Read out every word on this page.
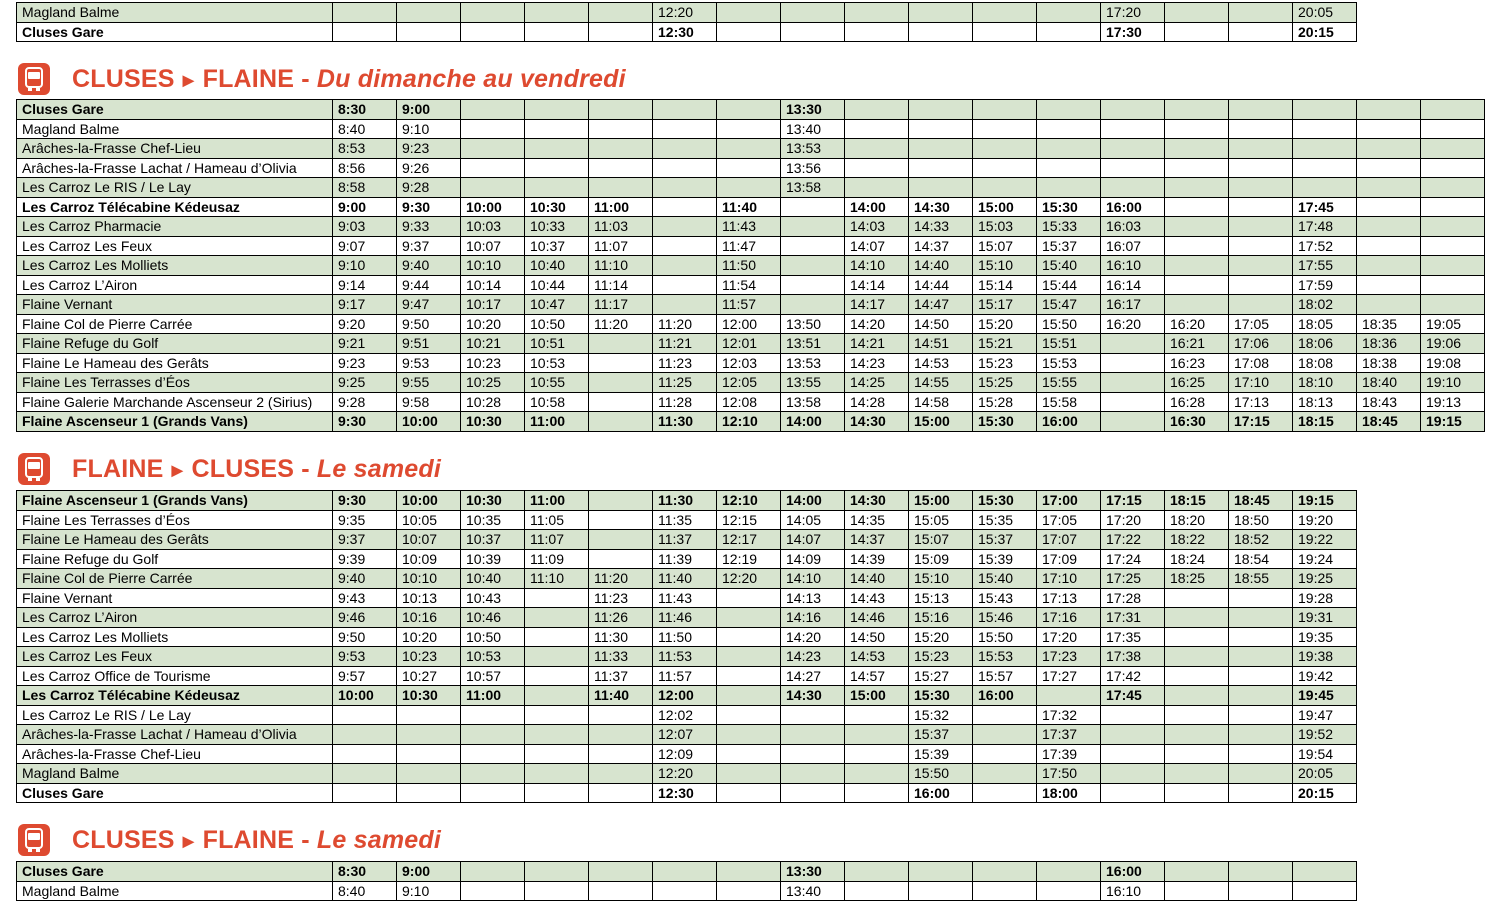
Magland Balme						12:20							17:20			20:05
Cluses Gare						12:30							17:30			20:15
CLUSES ► FLAINE - Du dimanche au vendredi
Cluses Gare	8:30	9:00						13:30										
Magland Balme	8:40	9:10						13:40										
Arâches-la-Frasse Chef-Lieu	8:53	9:23						13:53										
Arâches-la-Frasse Lachat / Hameau d’Olivia	8:56	9:26						13:56										
Les Carroz Le RIS / Le Lay	8:58	9:28						13:58										
Les Carroz Télécabine Kédeusaz	9:00	9:30	10:00	10:30	11:00		11:40		14:00	14:30	15:00	15:30	16:00			17:45		
Les Carroz Pharmacie	9:03	9:33	10:03	10:33	11:03		11:43		14:03	14:33	15:03	15:33	16:03			17:48		
Les Carroz Les Feux	9:07	9:37	10:07	10:37	11:07		11:47		14:07	14:37	15:07	15:37	16:07			17:52		
Les Carroz Les Molliets	9:10	9:40	10:10	10:40	11:10		11:50		14:10	14:40	15:10	15:40	16:10			17:55		
Les Carroz L’Airon	9:14	9:44	10:14	10:44	11:14		11:54		14:14	14:44	15:14	15:44	16:14			17:59		
Flaine Vernant	9:17	9:47	10:17	10:47	11:17		11:57		14:17	14:47	15:17	15:47	16:17			18:02		
Flaine Col de Pierre Carrée	9:20	9:50	10:20	10:50	11:20	11:20	12:00	13:50	14:20	14:50	15:20	15:50	16:20	16:20	17:05	18:05	18:35	19:05
Flaine Refuge du Golf	9:21	9:51	10:21	10:51		11:21	12:01	13:51	14:21	14:51	15:21	15:51		16:21	17:06	18:06	18:36	19:06
Flaine Le Hameau des Gerâts	9:23	9:53	10:23	10:53		11:23	12:03	13:53	14:23	14:53	15:23	15:53		16:23	17:08	18:08	18:38	19:08
Flaine Les Terrasses d’Éos	9:25	9:55	10:25	10:55		11:25	12:05	13:55	14:25	14:55	15:25	15:55		16:25	17:10	18:10	18:40	19:10
Flaine Galerie Marchande Ascenseur 2 (Sirius)	9:28	9:58	10:28	10:58		11:28	12:08	13:58	14:28	14:58	15:28	15:58		16:28	17:13	18:13	18:43	19:13
Flaine Ascenseur 1 (Grands Vans)	9:30	10:00	10:30	11:00		11:30	12:10	14:00	14:30	15:00	15:30	16:00		16:30	17:15	18:15	18:45	19:15
FLAINE ► CLUSES - Le samedi
Flaine Ascenseur 1 (Grands Vans)	9:30	10:00	10:30	11:00		11:30	12:10	14:00	14:30	15:00	15:30	17:00	17:15	18:15	18:45	19:15
Flaine Les Terrasses d’Éos	9:35	10:05	10:35	11:05		11:35	12:15	14:05	14:35	15:05	15:35	17:05	17:20	18:20	18:50	19:20
Flaine Le Hameau des Gerâts	9:37	10:07	10:37	11:07		11:37	12:17	14:07	14:37	15:07	15:37	17:07	17:22	18:22	18:52	19:22
Flaine Refuge du Golf	9:39	10:09	10:39	11:09		11:39	12:19	14:09	14:39	15:09	15:39	17:09	17:24	18:24	18:54	19:24
Flaine Col de Pierre Carrée	9:40	10:10	10:40	11:10	11:20	11:40	12:20	14:10	14:40	15:10	15:40	17:10	17:25	18:25	18:55	19:25
Flaine Vernant	9:43	10:13	10:43		11:23	11:43		14:13	14:43	15:13	15:43	17:13	17:28			19:28
Les Carroz L’Airon	9:46	10:16	10:46		11:26	11:46		14:16	14:46	15:16	15:46	17:16	17:31			19:31
Les Carroz Les Molliets	9:50	10:20	10:50		11:30	11:50		14:20	14:50	15:20	15:50	17:20	17:35			19:35
Les Carroz Les Feux	9:53	10:23	10:53		11:33	11:53		14:23	14:53	15:23	15:53	17:23	17:38			19:38
Les Carroz Office de Tourisme	9:57	10:27	10:57		11:37	11:57		14:27	14:57	15:27	15:57	17:27	17:42			19:42
Les Carroz Télécabine Kédeusaz	10:00	10:30	11:00		11:40	12:00		14:30	15:00	15:30	16:00		17:45			19:45
Les Carroz Le RIS / Le Lay						12:02				15:32		17:32				19:47
Arâches-la-Frasse Lachat / Hameau d’Olivia						12:07				15:37		17:37				19:52
Arâches-la-Frasse Chef-Lieu						12:09				15:39		17:39				19:54
Magland Balme						12:20				15:50		17:50				20:05
Cluses Gare						12:30				16:00		18:00				20:15
CLUSES ► FLAINE - Le samedi
Cluses Gare	8:30	9:00						13:30					16:00			
Magland Balme	8:40	9:10						13:40					16:10			
